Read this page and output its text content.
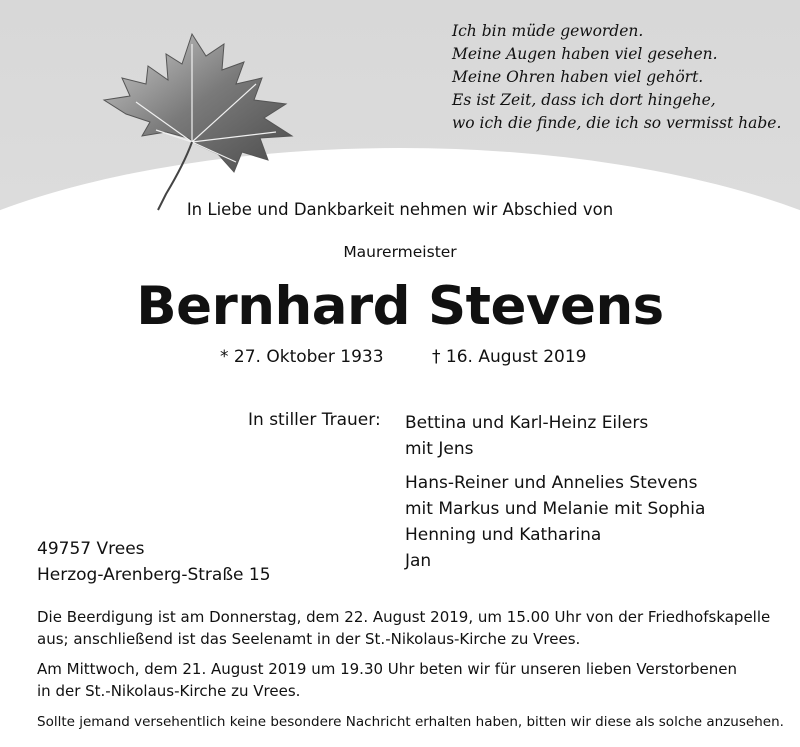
Ich bin müde geworden.
Meine Augen haben viel gesehen.
Meine Ohren haben viel gehört.
Es ist Zeit, dass ich dort hingehe,
wo ich die finde, die ich so vermisst habe.
In Liebe und Dankbarkeit nehmen wir Abschied von
Maurermeister
Bernhard Stevens
* 27. Oktober 1933	† 16. August 2019
In stiller Trauer: Bettina und Karl-Heinz Eilers
mit Jens
Hans-Reiner und Annelies Stevens
mit Markus und Melanie mit Sophia
Henning und Katharina
Jan
49757 Vrees
Herzog-Arenberg-Straße 15
Die Beerdigung ist am Donnerstag, dem 22. August 2019, um 15.00 Uhr von der Friedhofskapelle
aus; anschließend ist das Seelenamt in der St.-Nikolaus-Kirche zu Vrees.
Am Mittwoch, dem 21. August 2019 um 19.30 Uhr beten wir für unseren lieben Verstorbenen
in der St.-Nikolaus-Kirche zu Vrees.
Sollte jemand versehentlich keine besondere Nachricht erhalten haben, bitten wir diese als solche anzusehen.
